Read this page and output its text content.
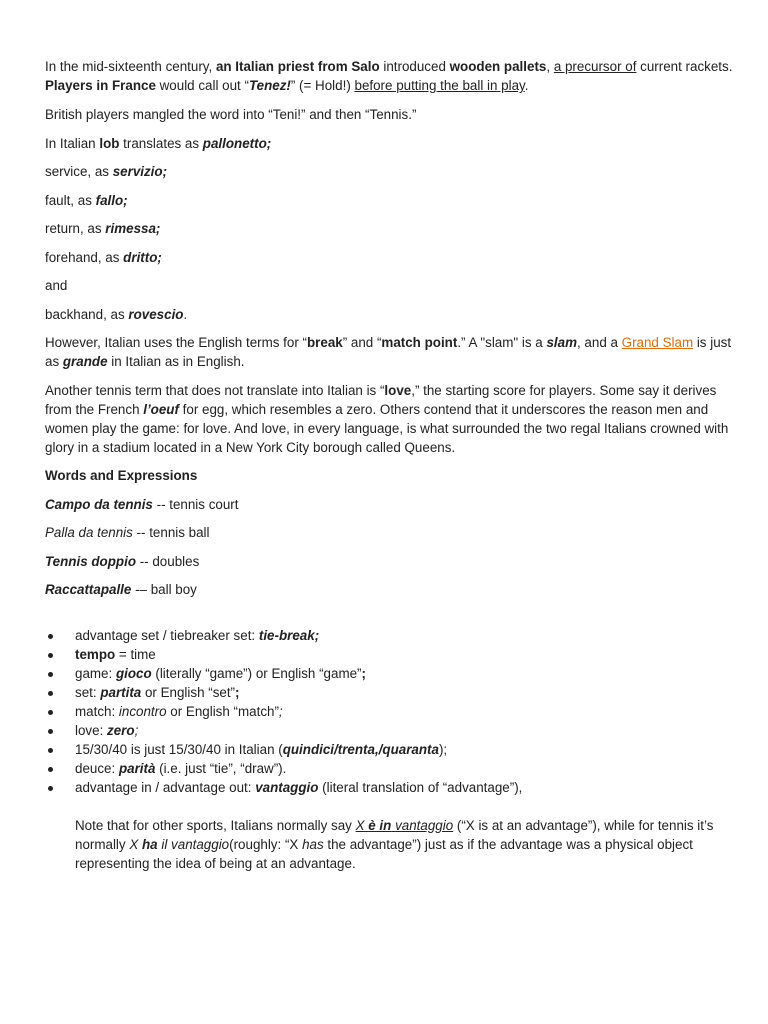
In the mid-sixteenth century, an Italian priest from Salo introduced wooden pallets, a precursor of current rackets. Players in France would call out “Tenez!” (= Hold!) before putting the ball in play.

British players mangled the word into “Teni!” and then “Tennis.”

In Italian lob translates as pallonetto;

service, as servizio;

fault, as fallo;

return, as rimessa;

forehand, as dritto;

and

backhand, as rovescio.

However, Italian uses the English terms for “break” and “match point.” A "slam" is a slam, and a Grand Slam is just as grande in Italian as in English.

Another tennis term that does not translate into Italian is “love,” the starting score for players. Some say it derives from the French l’oeuf for egg, which resembles a zero. Others contend that it underscores the reason men and women play the game: for love. And love, in every language, is what surrounded the two regal Italians crowned with glory in a stadium located in a New York City borough called Queens.

Words and Expressions

Campo da tennis -- tennis court

Palla da tennis -- tennis ball

Tennis doppio -- doubles

Raccattapalle -– ball boy

advantage set / tiebreaker set: tie-break;
tempo = time
game: gioco (literally “game”) or English “game”;
set: partita or English “set”;
match: incontro or English “match”;
love: zero;
15/30/40 is just 15/30/40 in Italian (quindici/trenta,/quaranta);
deuce: parità (i.e. just “tie”, “draw”).
advantage in / advantage out: vantaggio (literal translation of “advantage”),

Note that for other sports, Italians normally say X è in vantaggio (“X is at an advantage”), while for tennis it’s normally X ha il vantaggio(roughly: “X has the advantage”) just as if the advantage was a physical object representing the idea of being at an advantage.
